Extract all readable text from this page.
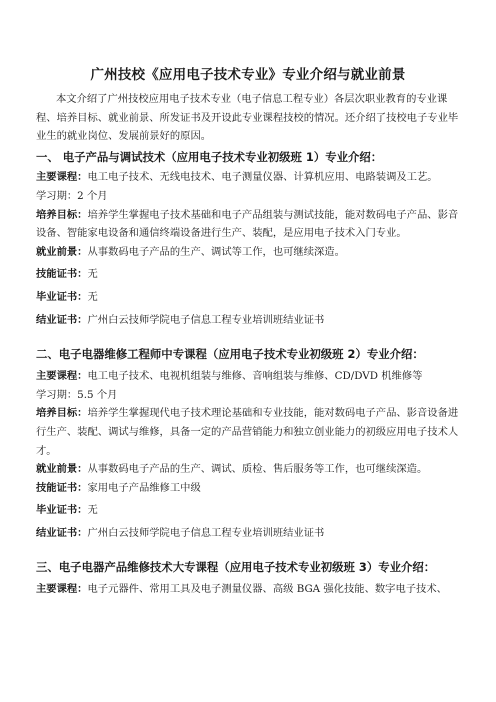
广州技校《应用电子技术专业》专业介绍与就业前景

本文介绍了广州技校应用电子技术专业（电子信息工程专业）各层次职业教育的专业课程、培养目标、就业前景、所发证书及开设此专业课程技校的情况。还介绍了技校电子专业毕业生的就业岗位、发展前景好的原因。

一、 电子产品与调试技术（应用电子技术专业初级班 1）专业介绍：
主要课程：电工电子技术、无线电技术、电子测量仪器、计算机应用、电路装调及工艺。
学习期：2 个月
培养目标：培养学生掌握电子技术基础和电子产品组装与测试技能，能对数码电子产品、影音设备、智能家电设备和通信终端设备进行生产、装配，是应用电子技术入门专业。
就业前景：从事数码电子产品的生产、调试等工作，也可继续深造。
技能证书：无
毕业证书：无
结业证书：广州白云技师学院电子信息工程专业培训班结业证书
二、电子电器维修工程师中专课程（应用电子技术专业初级班 2）专业介绍：
主要课程：电工电子技术、电视机组装与维修、音响组装与维修、CD/DVD 机维修等
学习期：5.5 个月
培养目标：培养学生掌握现代电子技术理论基础和专业技能，能对数码电子产品、影音设备进行生产、装配、调试与维修，具备一定的产品营销能力和独立创业能力的初级应用电子技术人才。
就业前景：从事数码电子产品的生产、调试、质检、售后服务等工作，也可继续深造。
技能证书：家用电子产品维修工中级
毕业证书：无
结业证书：广州白云技师学院电子信息工程专业培训班结业证书
三、电子电器产品维修技术大专课程（应用电子技术专业初级班 3）专业介绍：
主要课程：电子元器件、常用工具及电子测量仪器、高级 BGA 强化技能、数字电子技术、
